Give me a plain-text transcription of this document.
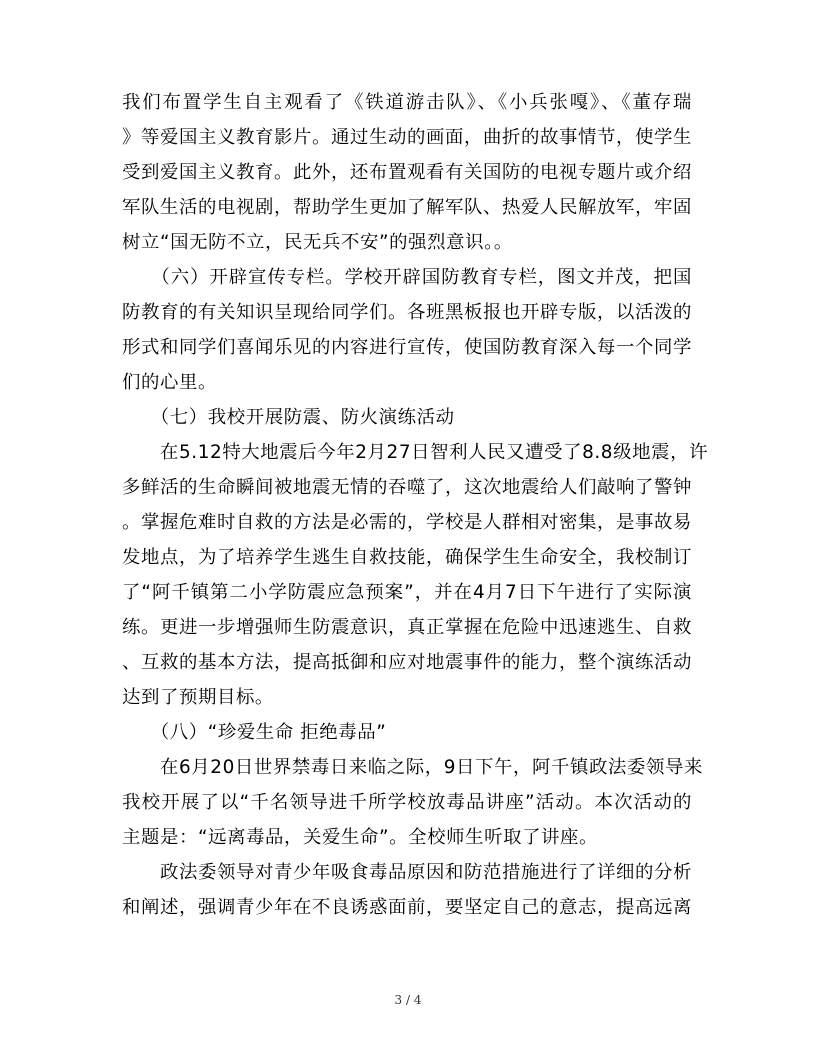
我们布置学生自主观看了《铁道游击队》、《小兵张嘎》、《董存瑞
》等爱国主义教育影片。通过生动的画面，曲折的故事情节，使学生
受到爱国主义教育。此外，还布置观看有关国防的电视专题片或介绍
军队生活的电视剧，帮助学生更加了解军队、热爱人民解放军，牢固
树立“国无防不立，民无兵不安”的强烈意识。。
　　（六）开辟宣传专栏。学校开辟国防教育专栏，图文并茂，把国
防教育的有关知识呈现给同学们。各班黑板报也开辟专版，以活泼的
形式和同学们喜闻乐见的内容进行宣传，使国防教育深入每一个同学
们的心里。
　　（七）我校开展防震、防火演练活动
　　在5.12特大地震后今年2月27日智利人民又遭受了8.8级地震，许
多鲜活的生命瞬间被地震无情的吞噬了，这次地震给人们敲响了警钟
。掌握危难时自救的方法是必需的，学校是人群相对密集，是事故易
发地点，为了培养学生逃生自救技能，确保学生生命安全，我校制订
了“阿千镇第二小学防震应急预案”，并在4月7日下午进行了实际演
练。更进一步增强师生防震意识，真正掌握在危险中迅速逃生、自救
、互救的基本方法，提高抵御和应对地震事件的能力，整个演练活动
达到了预期目标。
　　（八）“珍爱生命 拒绝毒品”
　　在6月20日世界禁毒日来临之际，9日下午，阿千镇政法委领导来
我校开展了以“千名领导进千所学校放毒品讲座”活动。本次活动的
主题是：“远离毒品，关爱生命”。全校师生听取了讲座。
　　政法委领导对青少年吸食毒品原因和防范措施进行了详细的分析
和阐述，强调青少年在不良诱惑面前，要坚定自己的意志，提高远离
3 / 4
